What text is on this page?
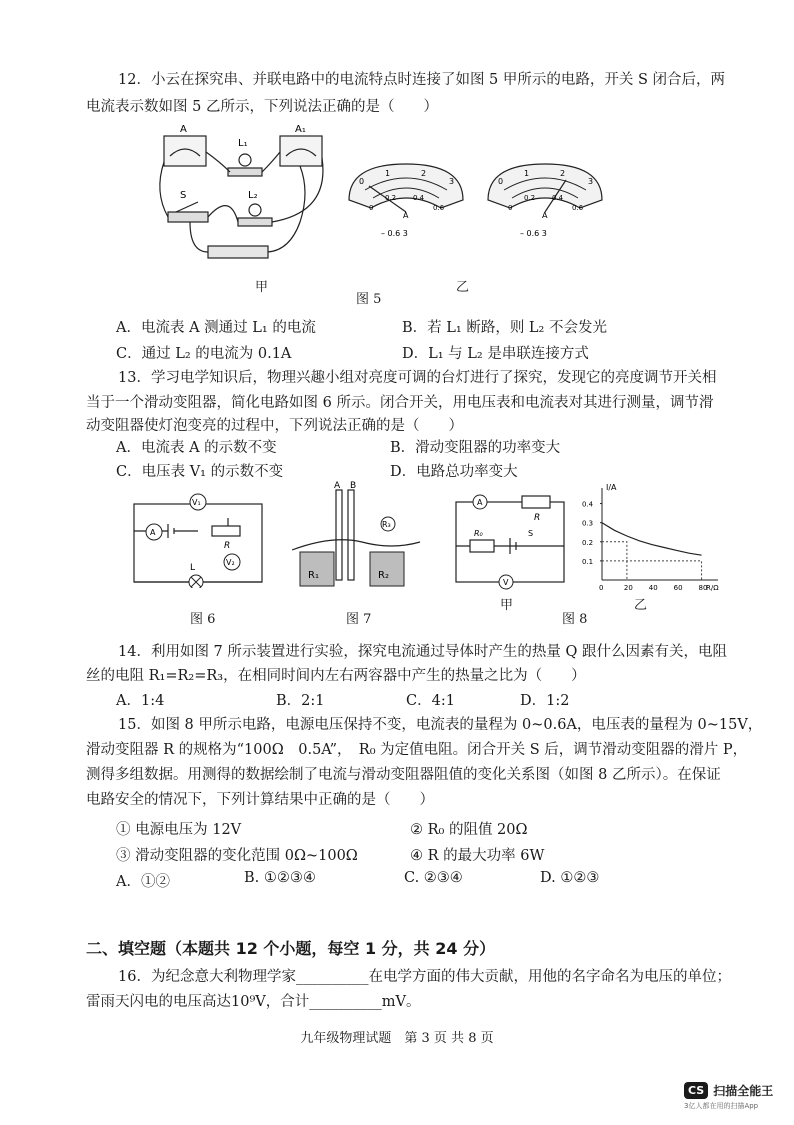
12．小云在探究串、并联电路中的电流特点时连接了如图 5 甲所示的电路，开关 S 闭合后，两
电流表示数如图 5 乙所示，下列说法正确的是（　　）
A	A₁
L₁
L₂
S
甲
图 5
乙
0
1	2
3
0
0.2 0.4
0.6
A
– 0.6 3
0
1	2
3
0
0.2 0.4
0.6
A
– 0.6 3
A．电流表 A 测通过 L₁ 的电流	B．若 L₁ 断路，则 L₂ 不会发光
C．通过 L₂ 的电流为 0.1A	D．L₁ 与 L₂ 是串联连接方式
13．学习电学知识后，物理兴趣小组对亮度可调的台灯进行了探究，发现它的亮度调节开关相
当于一个滑动变阻器，简化电路如图 6 所示。闭合开关，用电压表和电流表对其进行测量，调节滑
动变阻器使灯泡变亮的过程中，下列说法正确的是（　　）
A．电流表 A 的示数不变	B．滑动变阻器的功率变大
C．电压表 V₁ 的示数不变	D．电路总功率变大
A
V₁
V₂
R
L
图 6
A B
R₁	R₂
R₃
图 7
A
V
R
R₀	S
甲
图 8
乙
I/A
R/Ω
0.4
0.3
0.2
0.1
0	20 40 60 80
14．利用如图 7 所示装置进行实验，探究电流通过导体时产生的热量 Q 跟什么因素有关，电阻
丝的电阻 R₁=R₂=R₃，在相同时间内左右两容器中产生的热量之比为（　　）
A．1:4	B．2:1	C．4:1	D．1:2
15．如图 8 甲所示电路，电源电压保持不变，电流表的量程为 0~0.6A，电压表的量程为 0~15V，
滑动变阻器 R 的规格为“100Ω　0.5A”，　R₀ 为定值电阻。闭合开关 S 后，调节滑动变阻器的滑片 P，
测得多组数据。用测得的数据绘制了电流与滑动变阻器阻值的变化关系图（如图 8 乙所示）。在保证
电路安全的情况下，下列计算结果中正确的是（　　）
① 电源电压为 12V	② R₀ 的阻值 20Ω
③ 滑动变阻器的变化范围 0Ω~100Ω	④ R 的最大功率 6W
A．①②	B. ①②③④	C. ②③④	D. ①②③
二、填空题（本题共 12 个小题，每空 1 分，共 24 分）
16．为纪念意大利物理学家__________在电学方面的伟大贡献，用他的名字命名为电压的单位；
雷雨天闪电的电压高达10⁹V，合计__________mV。
九年级物理试题　第 3 页 共 8 页
CS 扫描全能王
3亿人都在用的扫描App
